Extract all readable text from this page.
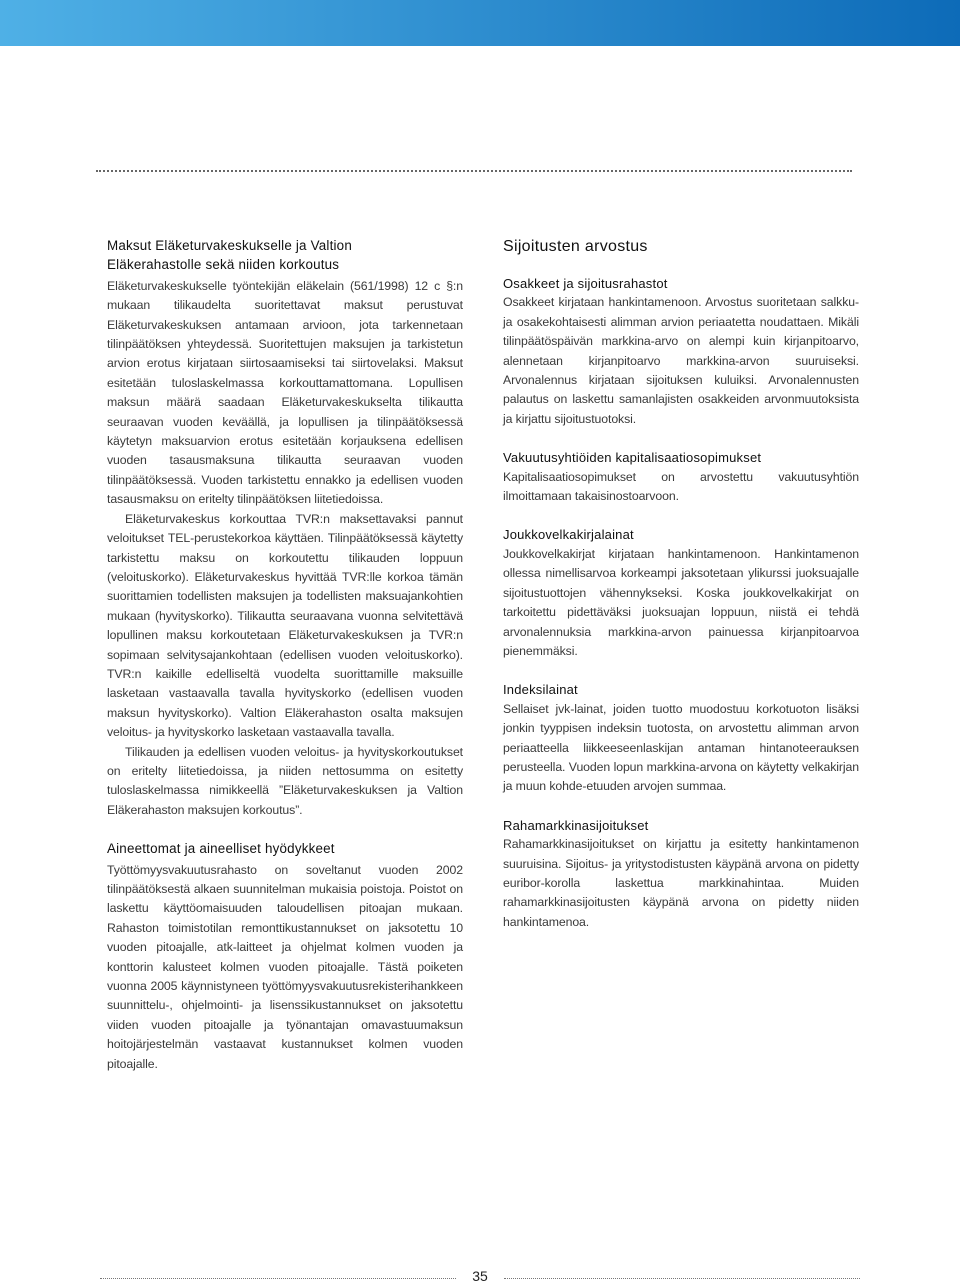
Maksut Eläketurvakeskukselle ja Valtion
Eläkerahastolle sekä niiden korkoutus

Eläketurvakeskukselle työntekijän eläkelain (561/1998) 12 c §:n mukaan tilikaudelta suoritettavat maksut perustuvat Eläketurvakeskuksen antamaan arvioon, jota tarkennetaan tilinpäätöksen yhteydessä. Suoritettujen maksujen ja tarkistetun arvion erotus kirjataan siirtosaamiseksi tai siirtovelaksi. Maksut esitetään tuloslaskelmassa korkouttamattomana. Lopullisen maksun määrä saadaan Eläketurvakeskukselta tilikautta seuraavan vuoden keväällä, ja lopullisen ja tilinpäätöksessä käytetyn maksuarvion erotus esitetään korjauksena edellisen vuoden tasausmaksuna tilikautta seuraavan vuoden tilinpäätöksessä. Vuoden tarkistettu ennakko ja edellisen vuoden tasausmaksu on eritelty tilinpäätöksen liitetiedoissa.

Eläketurvakeskus korkouttaa TVR:n maksettavaksi pannut veloitukset TEL-perustekorkoa käyttäen. Tilinpäätöksessä käytetty tarkistettu maksu on korkoutettu tilikauden loppuun (veloituskorko). Eläketurvakeskus hyvittää TVR:lle korkoa tämän suorittamien todellisten maksujen ja todellisten maksuajankohtien mukaan (hyvityskorko). Tilikautta seuraavana vuonna selvitettävä lopullinen maksu korkoutetaan Eläketurvakeskuksen ja TVR:n sopimaan selvitysajankohtaan (edellisen vuoden veloituskorko). TVR:n kaikille edelliseltä vuodelta suorittamille maksuille lasketaan vastaavalla tavalla hyvityskorko (edellisen vuoden maksun hyvityskorko). Valtion Eläkerahaston osalta maksujen veloitus- ja hyvityskorko lasketaan vastaavalla tavalla.

Tilikauden ja edellisen vuoden veloitus- ja hyvityskorkoutukset on eritelty liitetiedoissa, ja niiden nettosumma on esitetty tuloslaskelmassa nimikkeellä ”Eläketurvakeskuksen ja Valtion Eläkerahaston maksujen korkoutus”.

Aineettomat ja aineelliset hyödykkeet

Työttömyysvakuutusrahasto on soveltanut vuoden 2002 tilinpäätöksestä alkaen suunnitelman mukaisia poistoja. Poistot on laskettu käyttöomaisuuden taloudellisen pitoajan mukaan. Rahaston toimistotilan remonttikustannukset on jaksotettu 10 vuoden pitoajalle, atk-laitteet ja ohjelmat kolmen vuoden ja konttorin kalusteet kolmen vuoden pitoajalle. Tästä poiketen vuonna 2005 käynnistyneen työttömyysvakuutusrekisterihankkeen suunnittelu-, ohjelmointi- ja lisenssikustannukset on jaksotettu viiden vuoden pitoajalle ja työnantajan omavastuumaksun hoitojärjestelmän vastaavat kustannukset kolmen vuoden pitoajalle.

Sijoitusten arvostus
Osakkeet ja sijoitusrahastot

Osakkeet kirjataan hankintamenoon. Arvostus suoritetaan salkku- ja osakekohtaisesti alimman arvion periaatetta noudattaen. Mikäli tilinpäätöspäivän markkina-arvo on alempi kuin kirjanpitoarvo, alennetaan kirjanpitoarvo markkina-arvon suuruiseksi. Arvonalennus kirjataan sijoituksen kuluiksi. Arvonalennusten palautus on laskettu samanlajisten osakkeiden arvonmuutoksista ja kirjattu sijoitustuotoksi.

Vakuutusyhtiöiden kapitalisaatiosopimukset

Kapitalisaatiosopimukset on arvostettu vakuutusyhtiön ilmoittamaan takaisinostoarvoon.

Joukkovelkakirjalainat

Joukkovelkakirjat kirjataan hankintamenoon. Hankintamenon ollessa nimellisarvoa korkeampi jaksotetaan ylikurssi juoksuajalle sijoitustuottojen vähennykseksi. Koska joukkovelkakirjat on tarkoitettu pidettäväksi juoksuajan loppuun, niistä ei tehdä arvonalennuksia markkina-arvon painuessa kirjanpitoarvoa pienemmäksi.

Indeksilainat

Sellaiset jvk-lainat, joiden tuotto muodostuu korkotuoton lisäksi jonkin tyyppisen indeksin tuotosta, on arvostettu alimman arvon periaatteella liikkeeseenlaskijan antaman hintanoteerauksen perusteella. Vuoden lopun markkina-arvona on käytetty velkakirjan ja muun kohde-etuuden arvojen summaa.

Rahamarkkinasijoitukset

Rahamarkkinasijoitukset on kirjattu ja esitetty hankintamenon suuruisina. Sijoitus- ja yritystodistusten käypänä arvona on pidetty euribor-korolla laskettua markkinahintaa. Muiden rahamarkkinasijoitusten käypänä arvona on pidetty niiden hankintamenoa.

35
